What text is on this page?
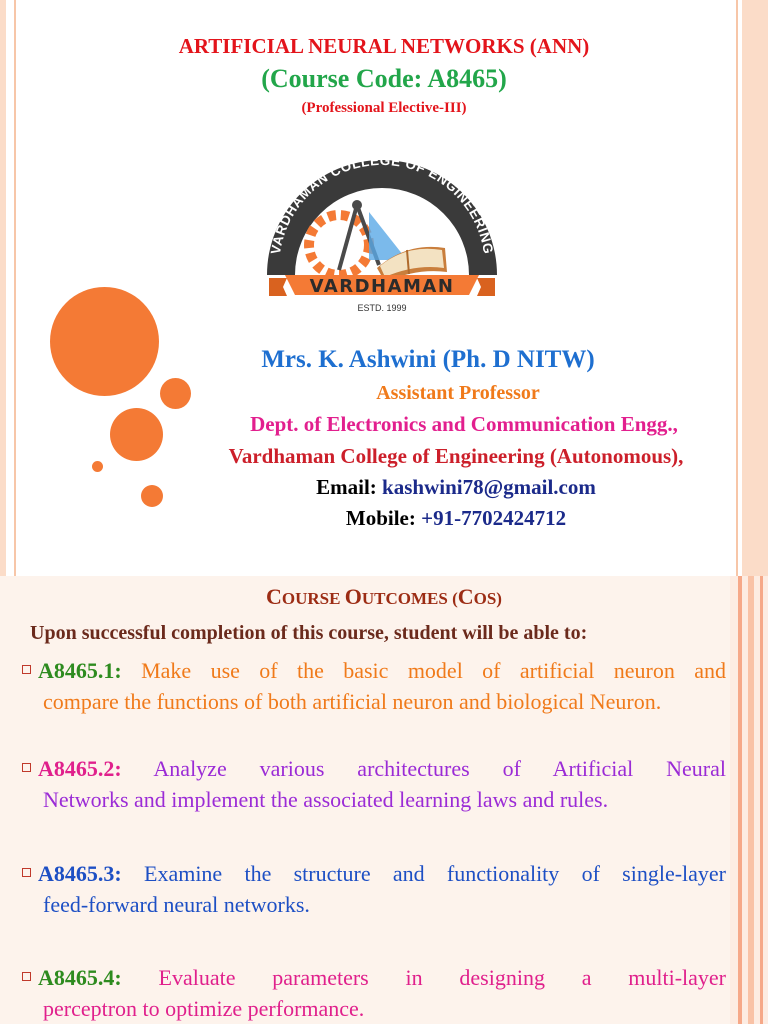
ARTIFICIAL NEURAL NETWORKS (ANN)
(Course Code: A8465)
(Professional Elective-III)
VARDHAMAN COLLEGE OF ENGINEERING
VARDHAMAN
ESTD. 1999
Mrs. K. Ashwini (Ph. D NITW)
Assistant Professor
Dept. of Electronics and Communication Engg.,
Vardhaman College of Engineering (Autonomous),
Email: kashwini78@gmail.com
Mobile: +91-7702424712
COURSE OUTCOMES (COS)
Upon successful completion of this course, student will be able to:
A8465.1: Make use of the basic model of artificial neuron and
compare the functions of both artificial neuron and biological Neuron.
A8465.2: Analyze various architectures of Artificial Neural
Networks and implement the associated learning laws and rules.
A8465.3: Examine the structure and functionality of single-layer
feed-forward neural networks.
A8465.4: Evaluate parameters in designing a multi-layer
perceptron to optimize performance.
